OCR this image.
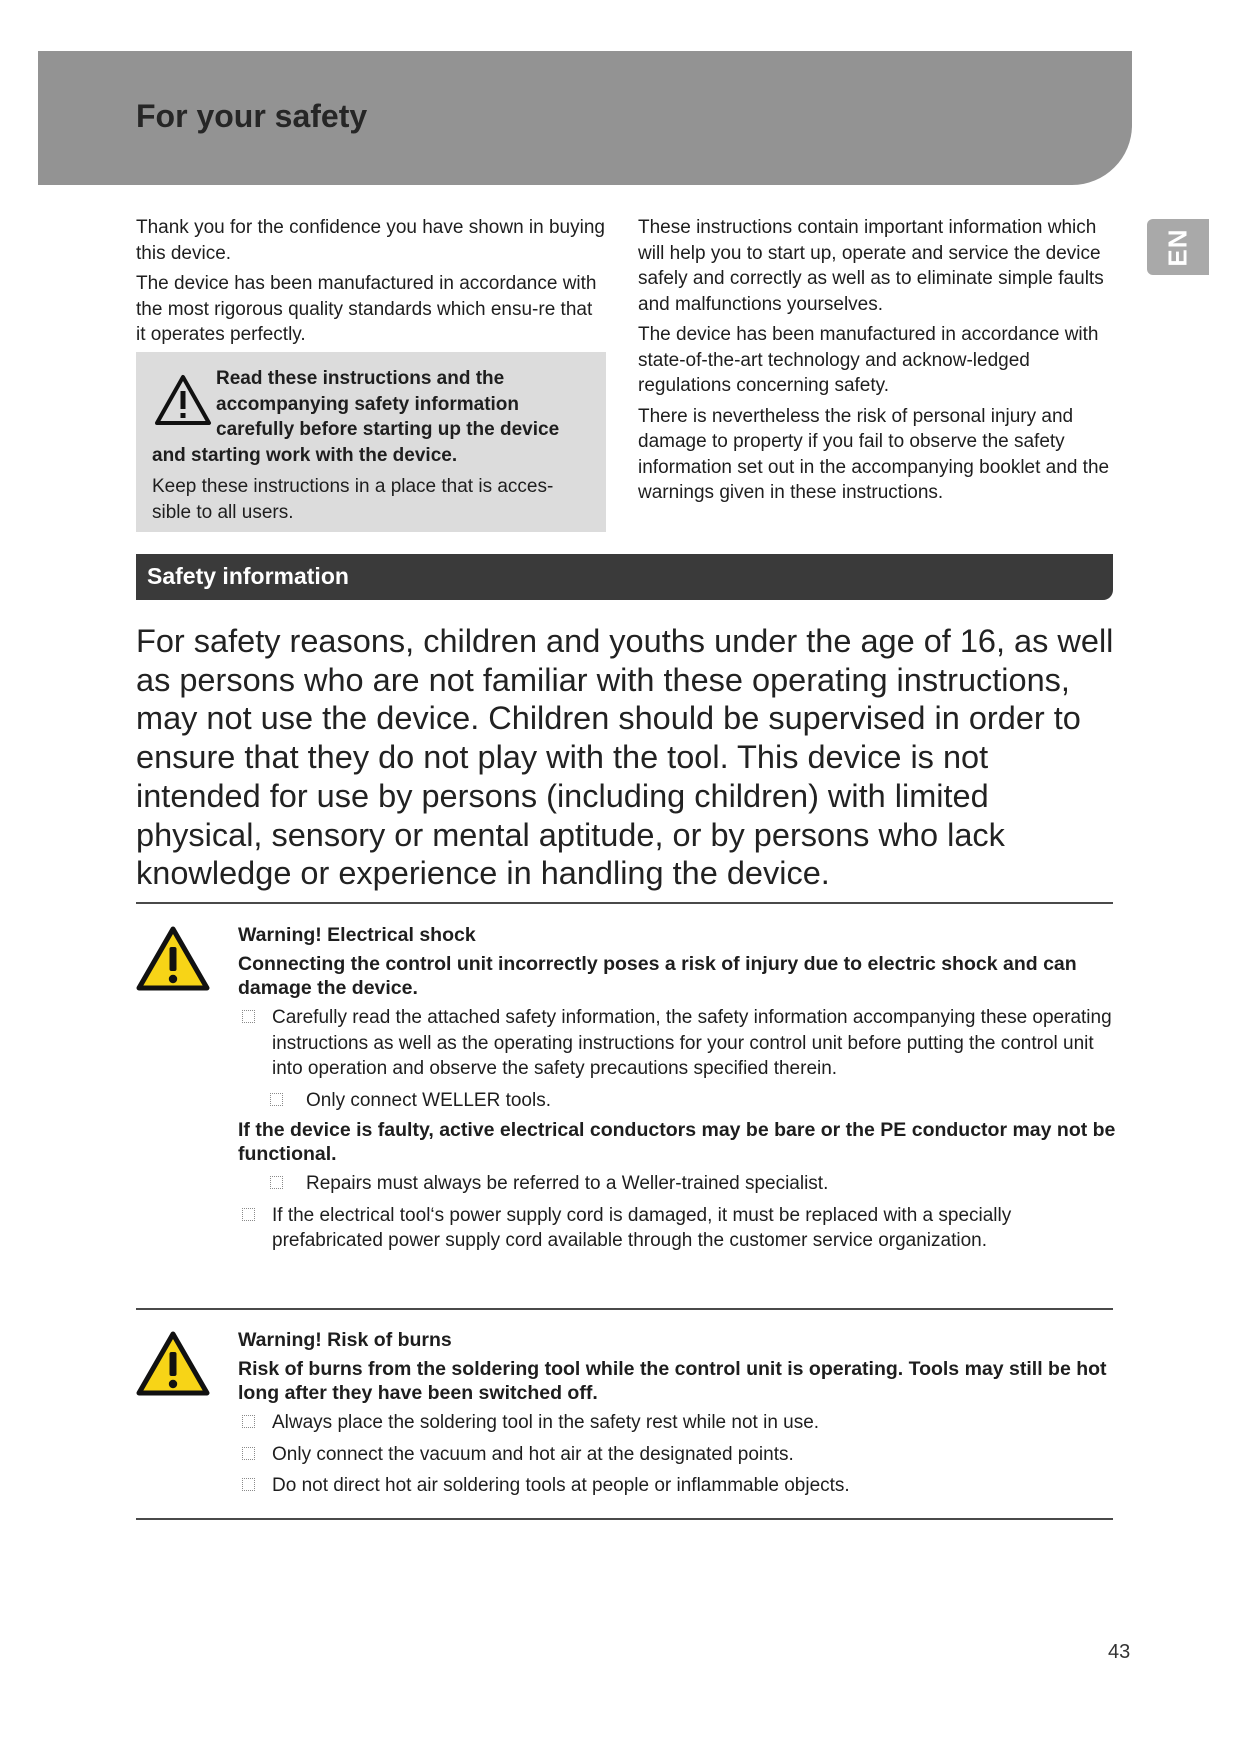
For your safety
EN

Thank you for the confidence you have shown in buying this device.

The device has been manufactured in accordance with the most rigorous quality standards which ensu-re that it operates perfectly.

Read these instructions and the accompanying safety information carefully before starting up the device and starting work with the device.

Keep these instructions in a place that is acces-sible to all users.

These instructions contain important information which will help you to start up, operate and service the device safely and correctly as well as to eliminate simple faults and malfunctions yourselves.

The device has been manufactured in accordance with state-of-the-art technology and acknow-ledged regulations concerning safety.

There is nevertheless the risk of personal injury and damage to property if you fail to observe the safety information set out in the accompanying booklet and the warnings given in these instructions.

Safety information

For safety reasons, children and youths under the age of 16, as well as persons who are not familiar with these operating instructions, may not use the device. Children should be supervised in order to ensure that they do not play with the tool. This device is not intended for use by persons (including children) with limited physical, sensory or mental aptitude, or by persons who lack knowledge or experience in handling the device.

Warning! Electrical shock

Connecting the control unit incorrectly poses a risk of injury due to electric shock and can damage the device.

Carefully read the attached safety information, the safety information accompanying these operating instructions as well as the operating instructions for your control unit before putting the control unit into operation and observe the safety precautions specified therein.
Only connect WELLER tools.

If the device is faulty, active electrical conductors may be bare or the PE conductor may not be functional.

Repairs must always be referred to a Weller-trained specialist.
If the electrical tool‘s power supply cord is damaged, it must be replaced with a specially prefabricated power supply cord available through the customer service organization.
Warning! Risk of burns

Risk of burns from the soldering tool while the control unit is operating. Tools may still be hot long after they have been switched off.

Always place the soldering tool in the safety rest while not in use.
Only connect the vacuum and hot air at the designated points.
Do not direct hot air soldering tools at people or inflammable objects.
43
